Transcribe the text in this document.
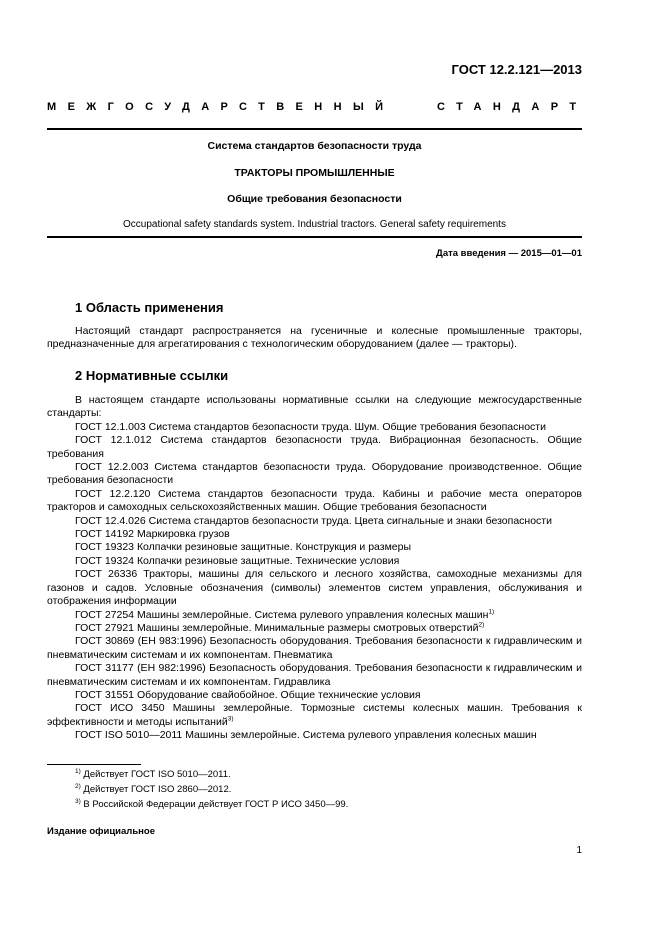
ГОСТ 12.2.121—2013
МЕЖГОСУДАРСТВЕННЫЙ	СТАНДАРТ
Система стандартов безопасности труда
ТРАКТОРЫ ПРОМЫШЛЕННЫЕ
Общие требования безопасности
Occupational safety standards system. Industrial tractors. General safety requirements
Дата введения — 2015—01—01
1 Область применения

Настоящий стандарт распространяется на гусеничные и колесные промышленные тракторы, предназначенные для агрегатирования с технологическим оборудованием (далее — тракторы).

2 Нормативные ссылки

В настоящем стандарте использованы нормативные ссылки на следующие межгосударственные стандарты:

ГОСТ 12.1.003 Система стандартов безопасности труда. Шум. Общие требования безопасности

ГОСТ 12.1.012 Система стандартов безопасности труда. Вибрационная безопасность. Общие требования

ГОСТ 12.2.003 Система стандартов безопасности труда. Оборудование производственное. Общие требования безопасности

ГОСТ 12.2.120 Система стандартов безопасности труда. Кабины и рабочие места операторов тракторов и самоходных сельскохозяйственных машин. Общие требования безопасности

ГОСТ 12.4.026 Система стандартов безопасности труда. Цвета сигнальные и знаки безопасности

ГОСТ 14192 Маркировка грузов

ГОСТ 19323 Колпачки резиновые защитные. Конструкция и размеры

ГОСТ 19324 Колпачки резиновые защитные. Технические условия

ГОСТ 26336 Тракторы, машины для сельского и лесного хозяйства, самоходные механизмы для газонов и садов. Условные обозначения (символы) элементов систем управления, обслуживания и отображения информации

ГОСТ 27254 Машины землеройные. Система рулевого управления колесных машин$^{1)}$

ГОСТ 27921 Машины землеройные. Минимальные размеры смотровых отверстий$^{2)}$

ГОСТ 30869 (ЕН 983:1996) Безопасность оборудования. Требования безопасности к гидравлическим и пневматическим системам и их компонентам. Пневматика

ГОСТ 31177 (ЕН 982:1996) Безопасность оборудования. Требования безопасности к гидравлическим и пневматическим системам и их компонентам. Гидравлика

ГОСТ 31551 Оборудование свайобойное. Общие технические условия

ГОСТ ИСО 3450 Машины землеройные. Тормозные системы колесных машин. Требования к эффективности и методы испытаний$^{3)}$

ГОСТ ISO 5010—2011 Машины землеройные. Система рулевого управления колесных машин

$^{1)}$ Действует ГОСТ ISO 5010—2011.
$^{2)}$ Действует ГОСТ ISO 2860—2012.
$^{3)}$ В Российской Федерации действует ГОСТ Р ИСО 3450—99.
Издание официальное
1
